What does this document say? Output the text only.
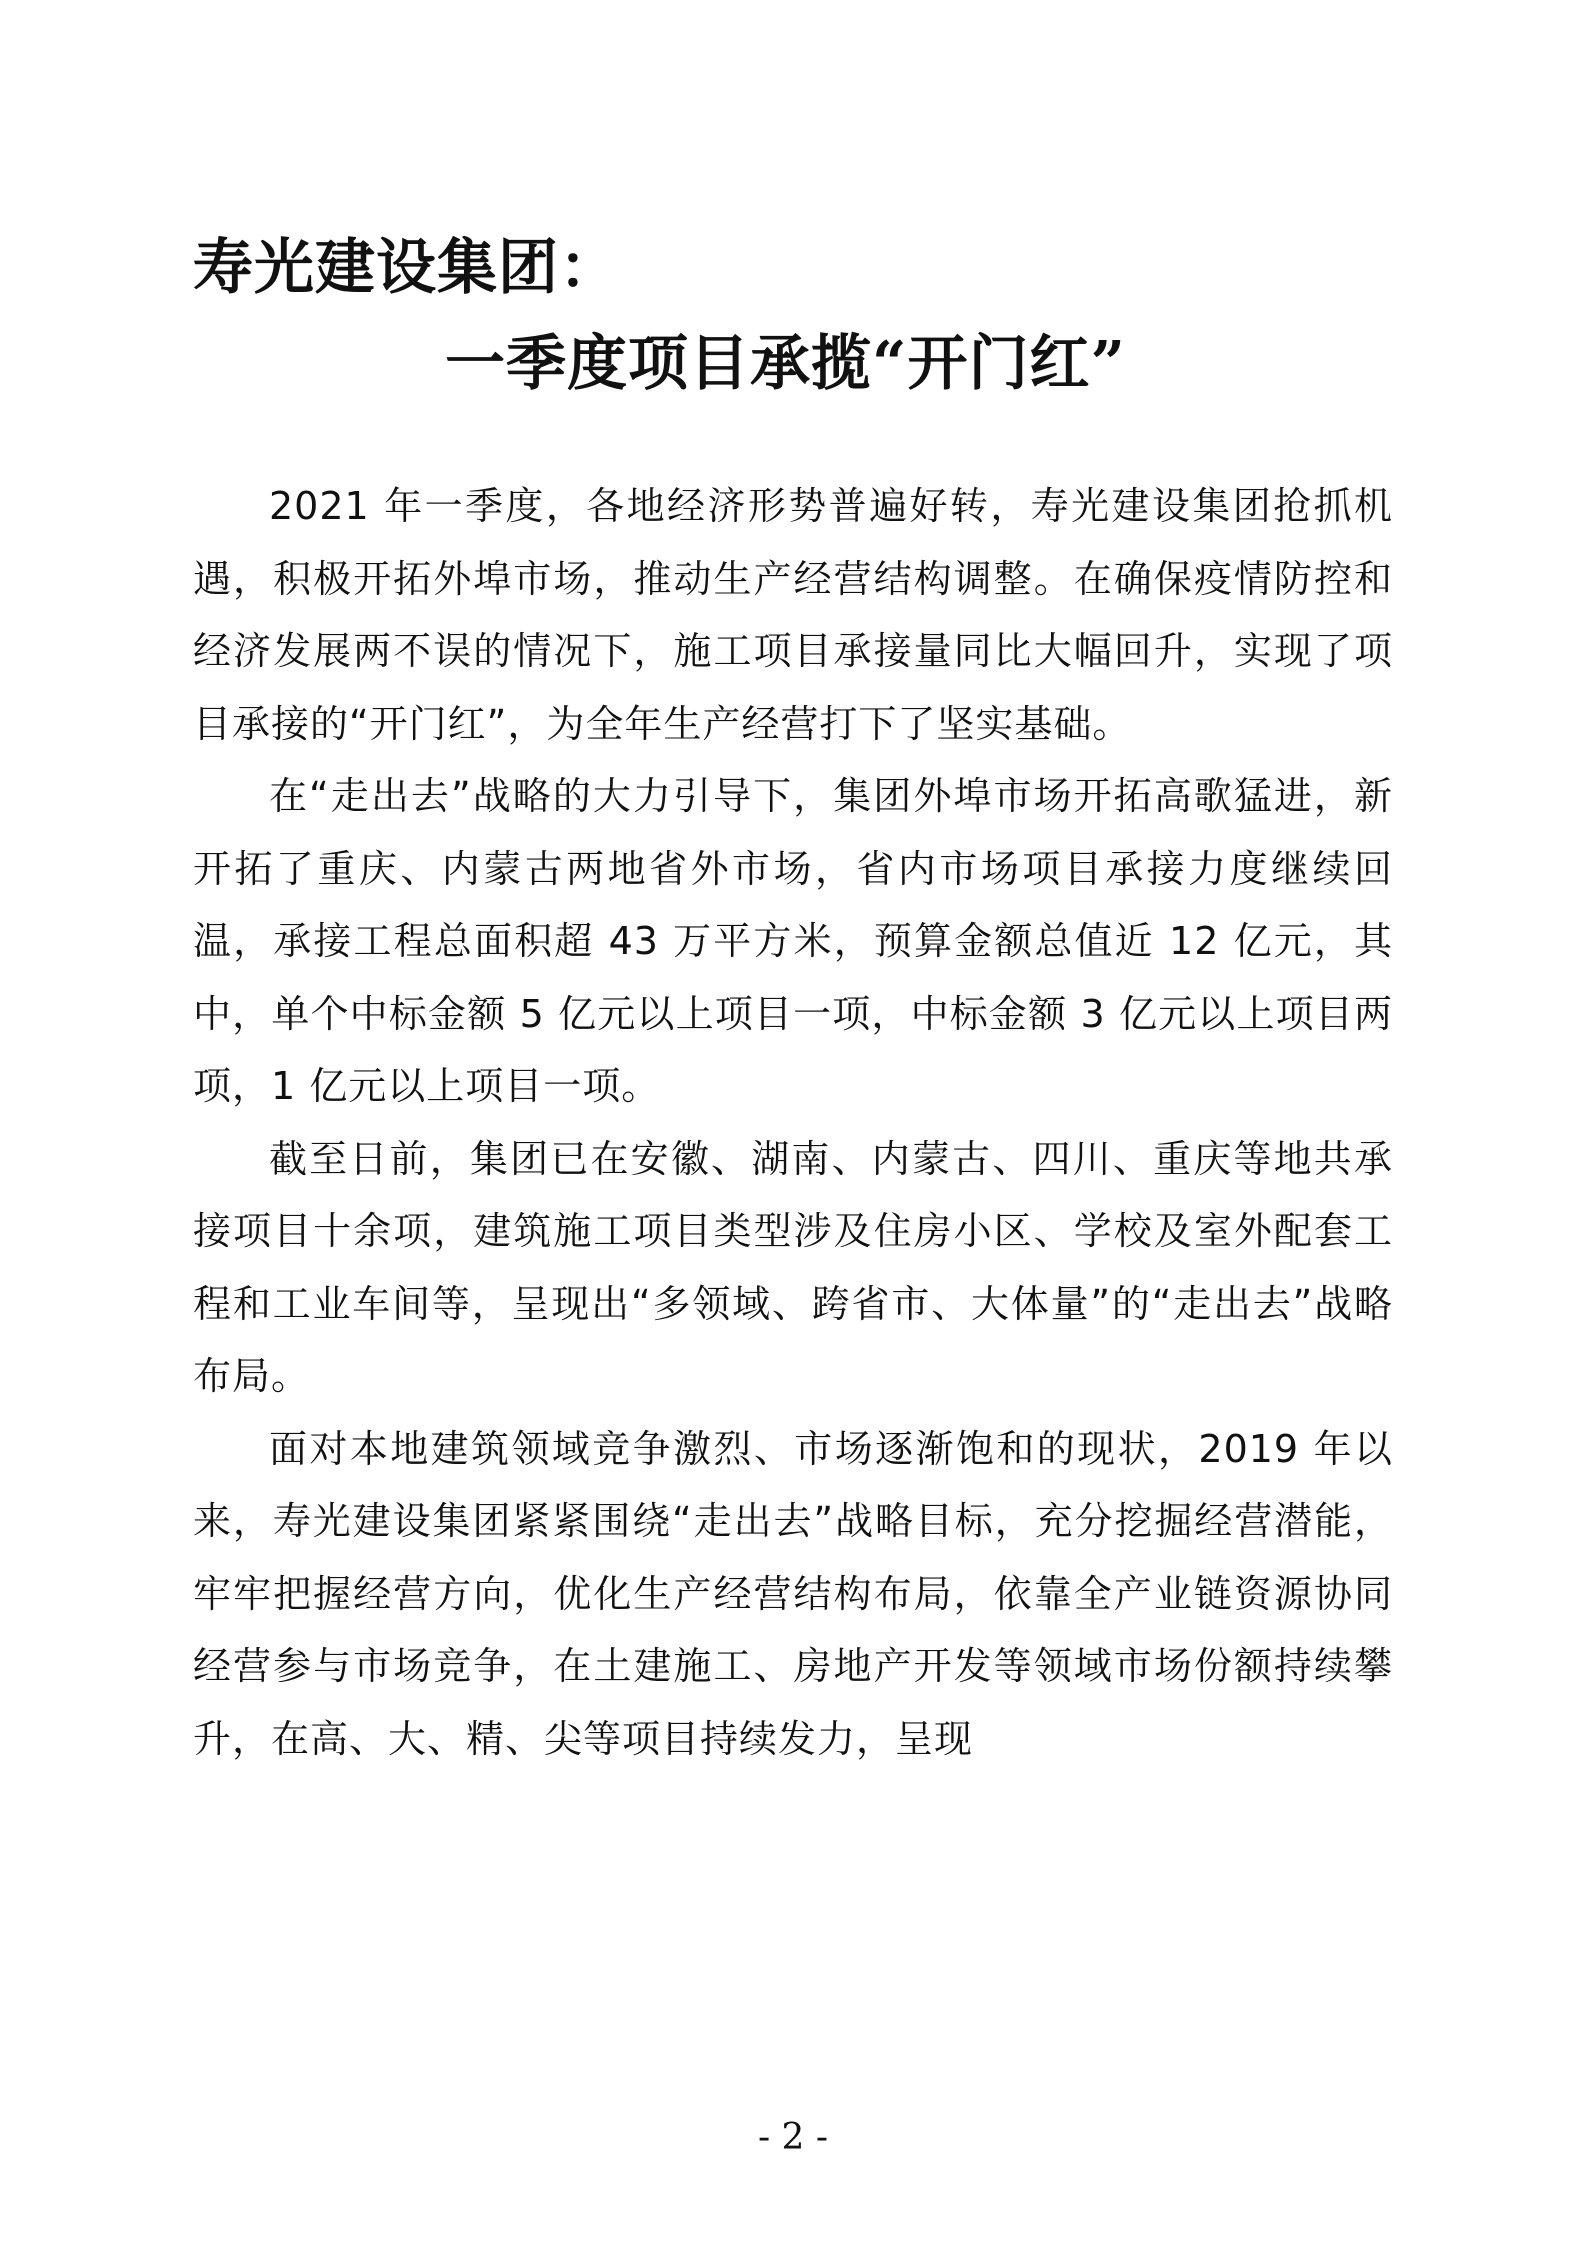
寿光建设集团：
一季度项目承揽“开门红”

2021 年一季度，各地经济形势普遍好转，寿光建设集团抢抓机遇，积极开拓外埠市场，推动生产经营结构调整。在确保疫情防控和经济发展两不误的情况下，施工项目承接量同比大幅回升，实现了项目承接的“开门红”，为全年生产经营打下了坚实基础。

在“走出去”战略的大力引导下，集团外埠市场开拓高歌猛进，新开拓了重庆、内蒙古两地省外市场，省内市场项目承接力度继续回温，承接工程总面积超 43 万平方米，预算金额总值近 12 亿元，其中，单个中标金额 5 亿元以上项目一项，中标金额 3 亿元以上项目两项，1 亿元以上项目一项。

截至日前，集团已在安徽、湖南、内蒙古、四川、重庆等地共承接项目十余项，建筑施工项目类型涉及住房小区、学校及室外配套工程和工业车间等，呈现出“多领域、跨省市、大体量”的“走出去”战略布局。

面对本地建筑领域竞争激烈、市场逐渐饱和的现状，2019 年以来，寿光建设集团紧紧围绕“走出去”战略目标，充分挖掘经营潜能，牢牢把握经营方向，优化生产经营结构布局，依靠全产业链资源协同经营参与市场竞争，在土建施工、房地产开发等领域市场份额持续攀升，在高、大、精、尖等项目持续发力，呈现

- 2 -
